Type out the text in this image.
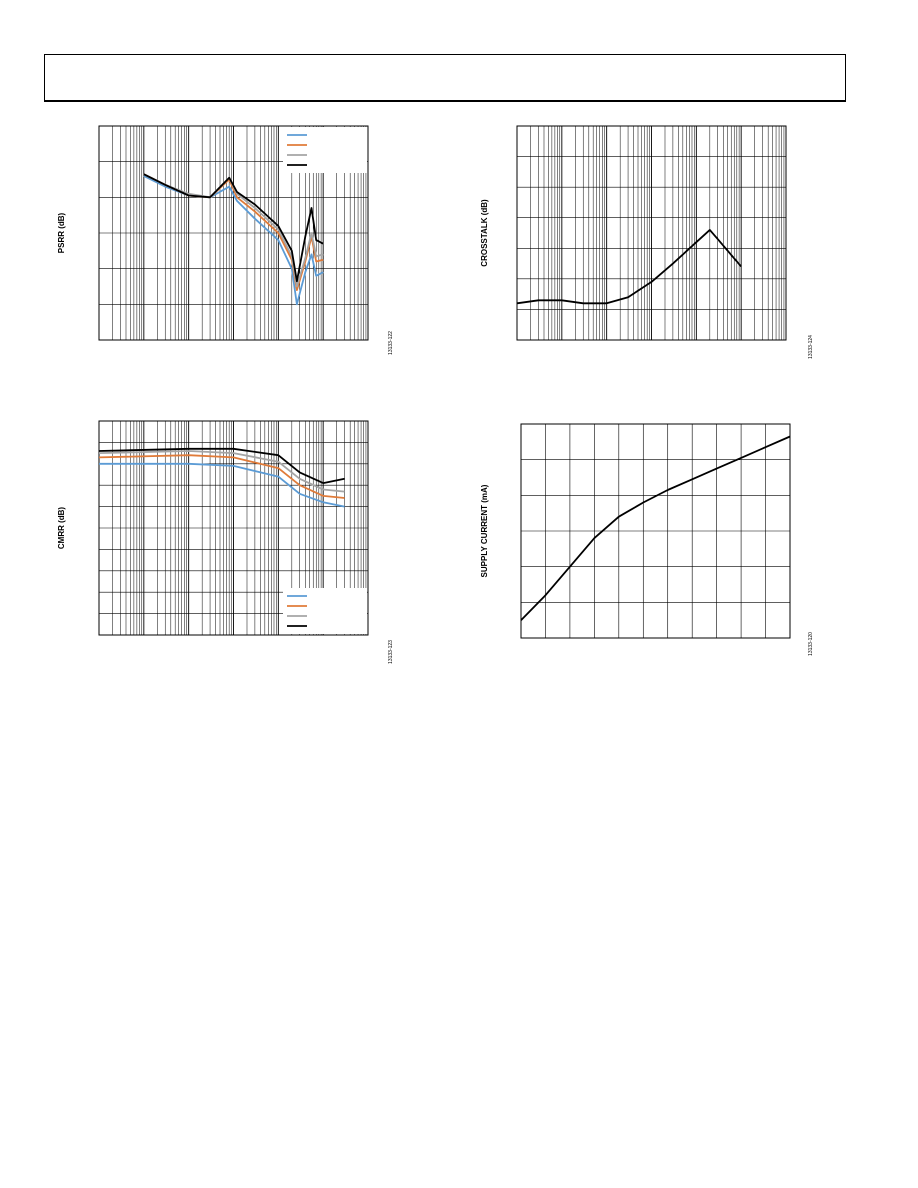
PSRR (dB)
13133-122
CROSSTALK (dB)
13133-124
CMRR (dB)
13133-123
SUPPLY CURRENT (mA)
13133-120
